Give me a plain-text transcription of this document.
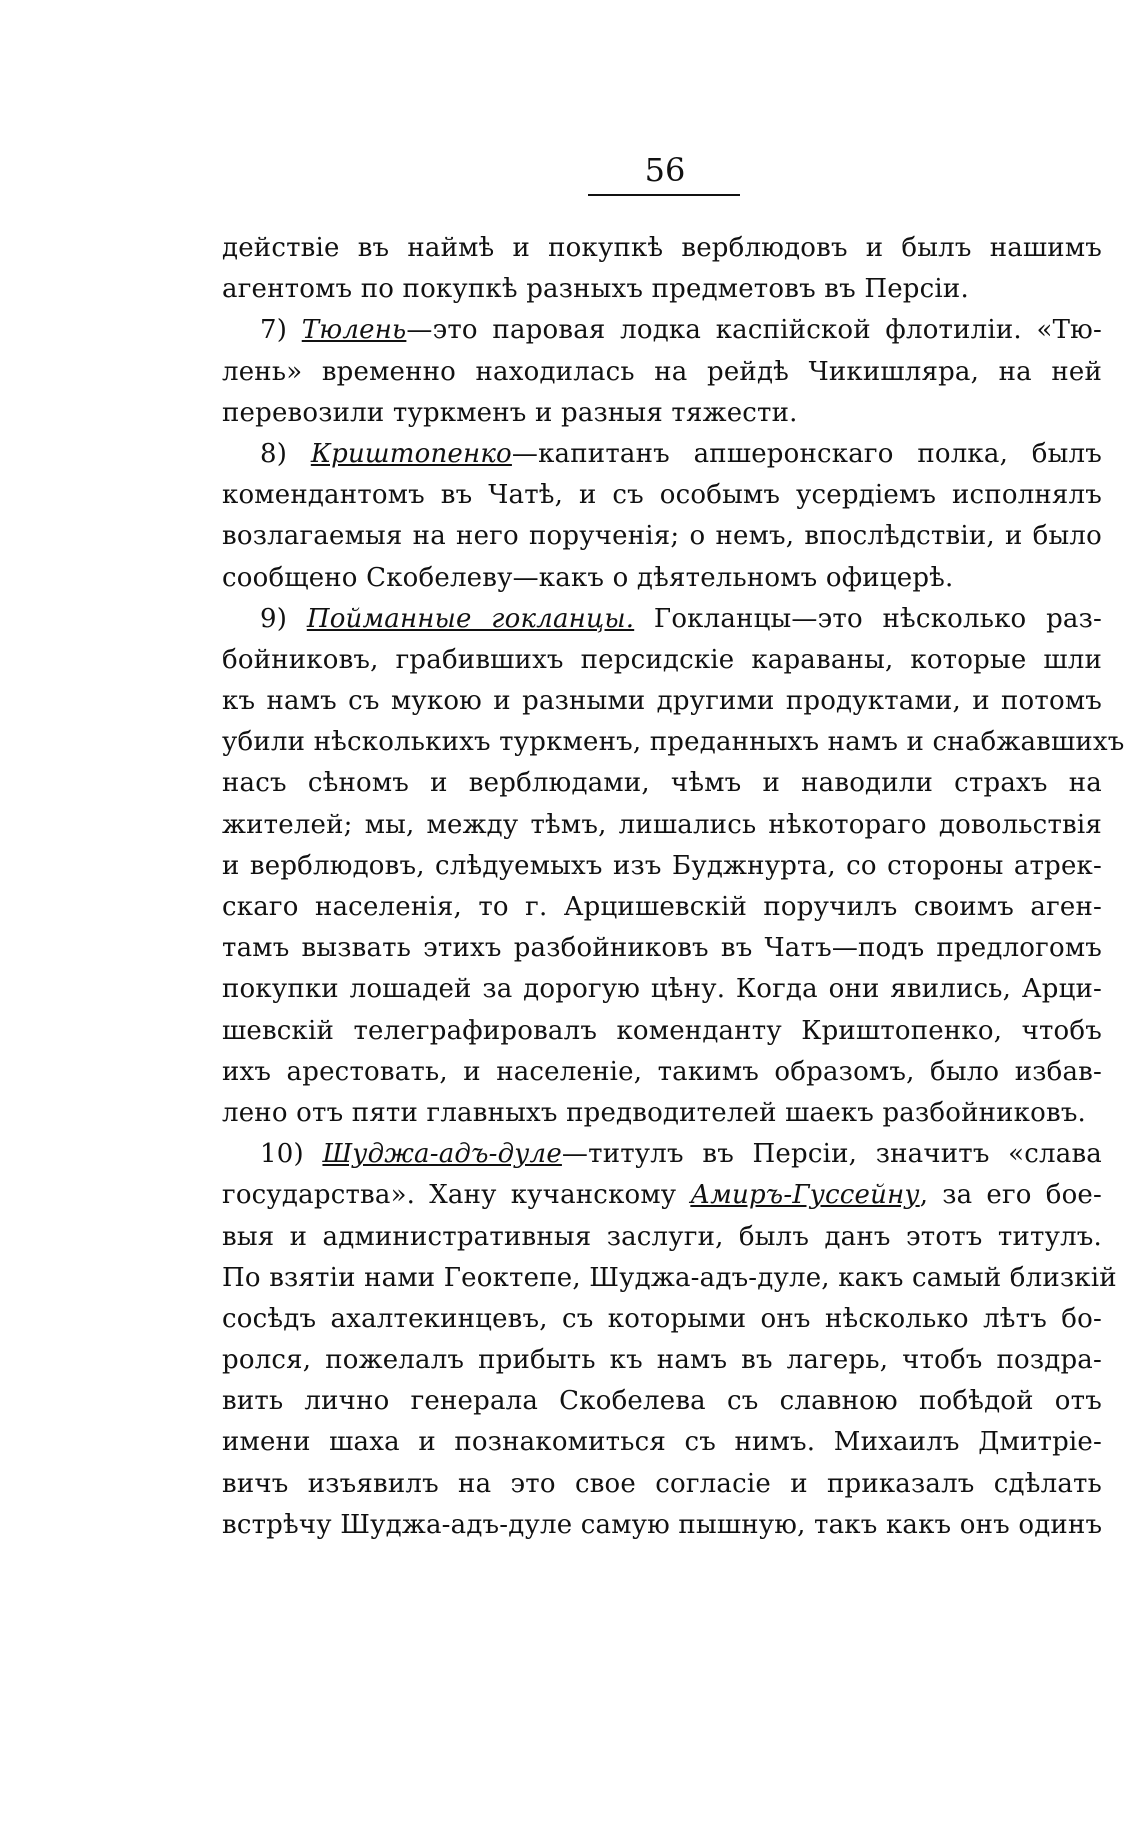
56
действіе въ наймѣ и покупкѣ верблюдовъ и былъ нашимъ
агентомъ по покупкѣ разныхъ предметовъ въ Персіи.
7) Тюлень—это паровая лодка каспійской флотиліи. «Тю-
лень» временно находилась на рейдѣ Чикишляра, на ней
перевозили туркменъ и разныя тяжести.
8) Криштопенко—капитанъ апшеронскаго полка, былъ
комендантомъ въ Чатѣ, и съ особымъ усердіемъ исполнялъ
возлагаемыя на него порученія; о немъ, впослѣдствіи, и было
сообщено Скобелеву—какъ о дѣятельномъ офицерѣ.
9) Пойманные гокланцы. Гокланцы—это нѣсколько раз-
бойниковъ, грабившихъ персидскіе караваны, которые шли
къ намъ съ мукою и разными другими продуктами, и потомъ
убили нѣсколькихъ туркменъ, преданныхъ намъ и снабжавшихъ
насъ сѣномъ и верблюдами, чѣмъ и наводили страхъ на
жителей; мы, между тѣмъ, лишались нѣкотораго довольствія
и верблюдовъ, слѣдуемыхъ изъ Буджнурта, со стороны атрек-
скаго населенія, то г. Арцишевскій поручилъ своимъ аген-
тамъ вызвать этихъ разбойниковъ въ Чатъ—подъ предлогомъ
покупки лошадей за дорогую цѣну. Когда они явились, Арци-
шевскій телеграфировалъ коменданту Криштопенко, чтобъ
ихъ арестовать, и населеніе, такимъ образомъ, было избав-
лено отъ пяти главныхъ предводителей шаекъ разбойниковъ.
10) Шуджа-адъ-дуле—титулъ въ Персіи, значитъ «слава
государства». Хану кучанскому Амиръ-Гуссейну, за его бое-
выя и административныя заслуги, былъ данъ этотъ титулъ.
По взятіи нами Геоктепе, Шуджа-адъ-дуле, какъ самый близкій
сосѣдъ ахалтекинцевъ, съ которыми онъ нѣсколько лѣтъ бо-
ролся, пожелалъ прибыть къ намъ въ лагерь, чтобъ поздра-
вить лично генерала Скобелева съ славною побѣдой отъ
имени шаха и познакомиться съ нимъ. Михаилъ Дмитріе-
вичъ изъявилъ на это свое согласіе и приказалъ сдѣлать
встрѣчу Шуджа-адъ-дуле самую пышную, такъ какъ онъ одинъ
